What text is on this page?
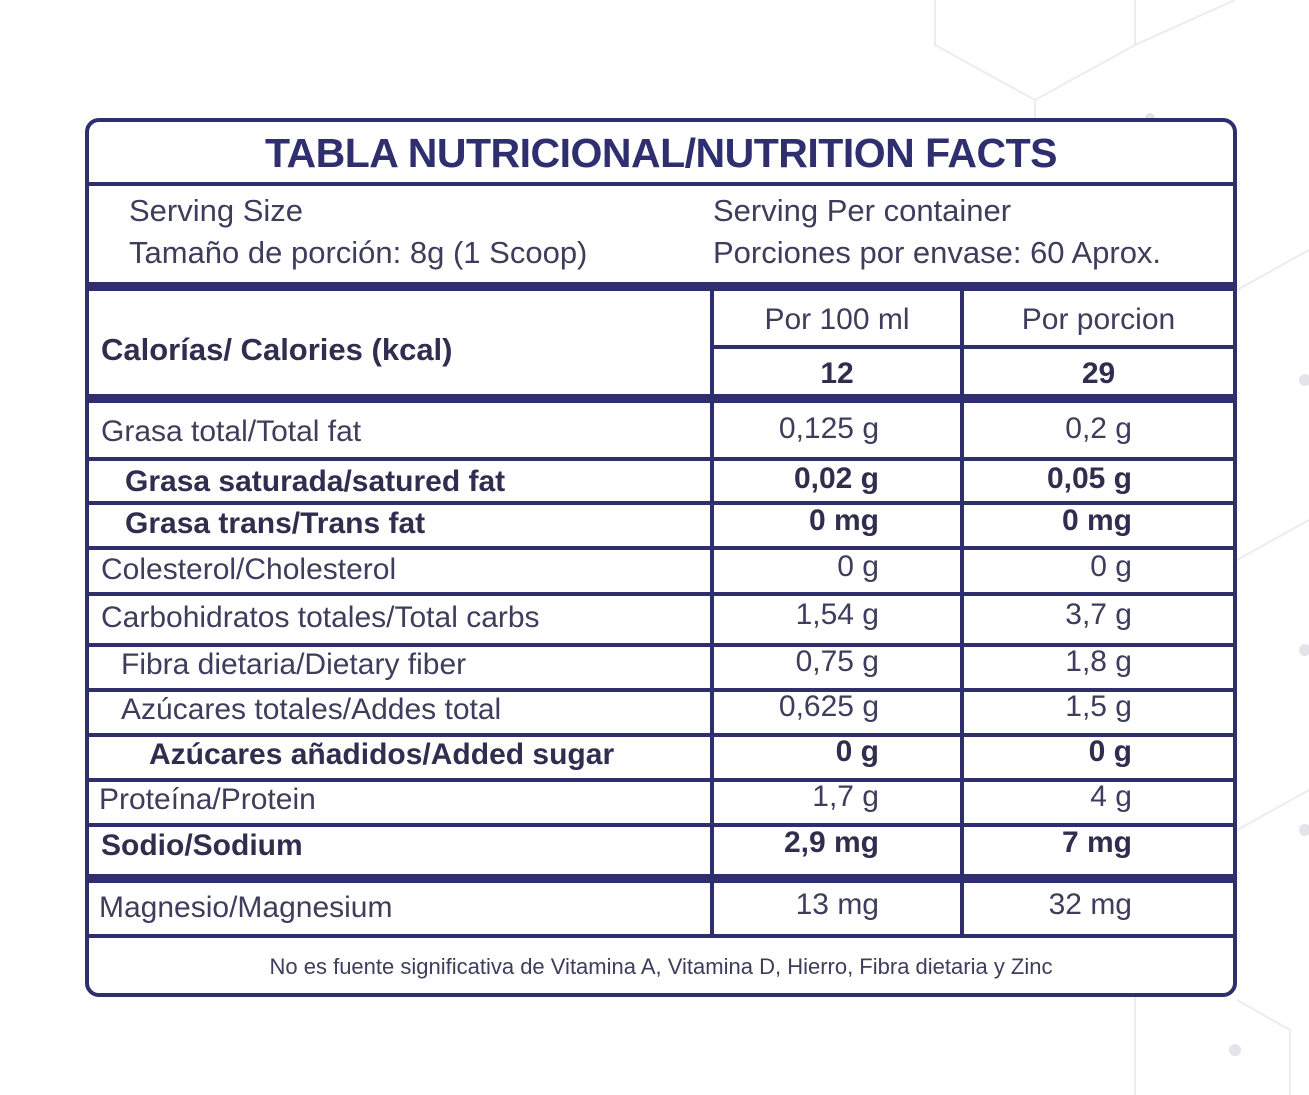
TABLA NUTRICIONAL/NUTRITION FACTS
Serving Size
Tamaño de porción: 8g (1 Scoop)
Serving Per container
Porciones por envase: 60 Aprox.
Calorías/ Calories (kcal)
Por 100 ml	Por porcion
12	29
Grasa total/Total fat	0,125 g	0,2 g
Grasa saturada/satured fat	0,02 g	0,05 g
Grasa trans/Trans fat	0 mg	0 mg
Colesterol/Cholesterol	0 g	0 g
Carbohidratos totales/Total carbs	1,54 g	3,7 g
Fibra dietaria/Dietary fiber	0,75 g	1,8 g
Azúcares totales/Addes total	0,625 g	1,5 g
Azúcares añadidos/Added sugar	0 g	0 g
Proteína/Protein	1,7 g	4 g
Sodio/Sodium	2,9 mg	7 mg
Magnesio/Magnesium	13 mg	32 mg
No es fuente significativa de Vitamina A, Vitamina D, Hierro, Fibra dietaria y Zinc
